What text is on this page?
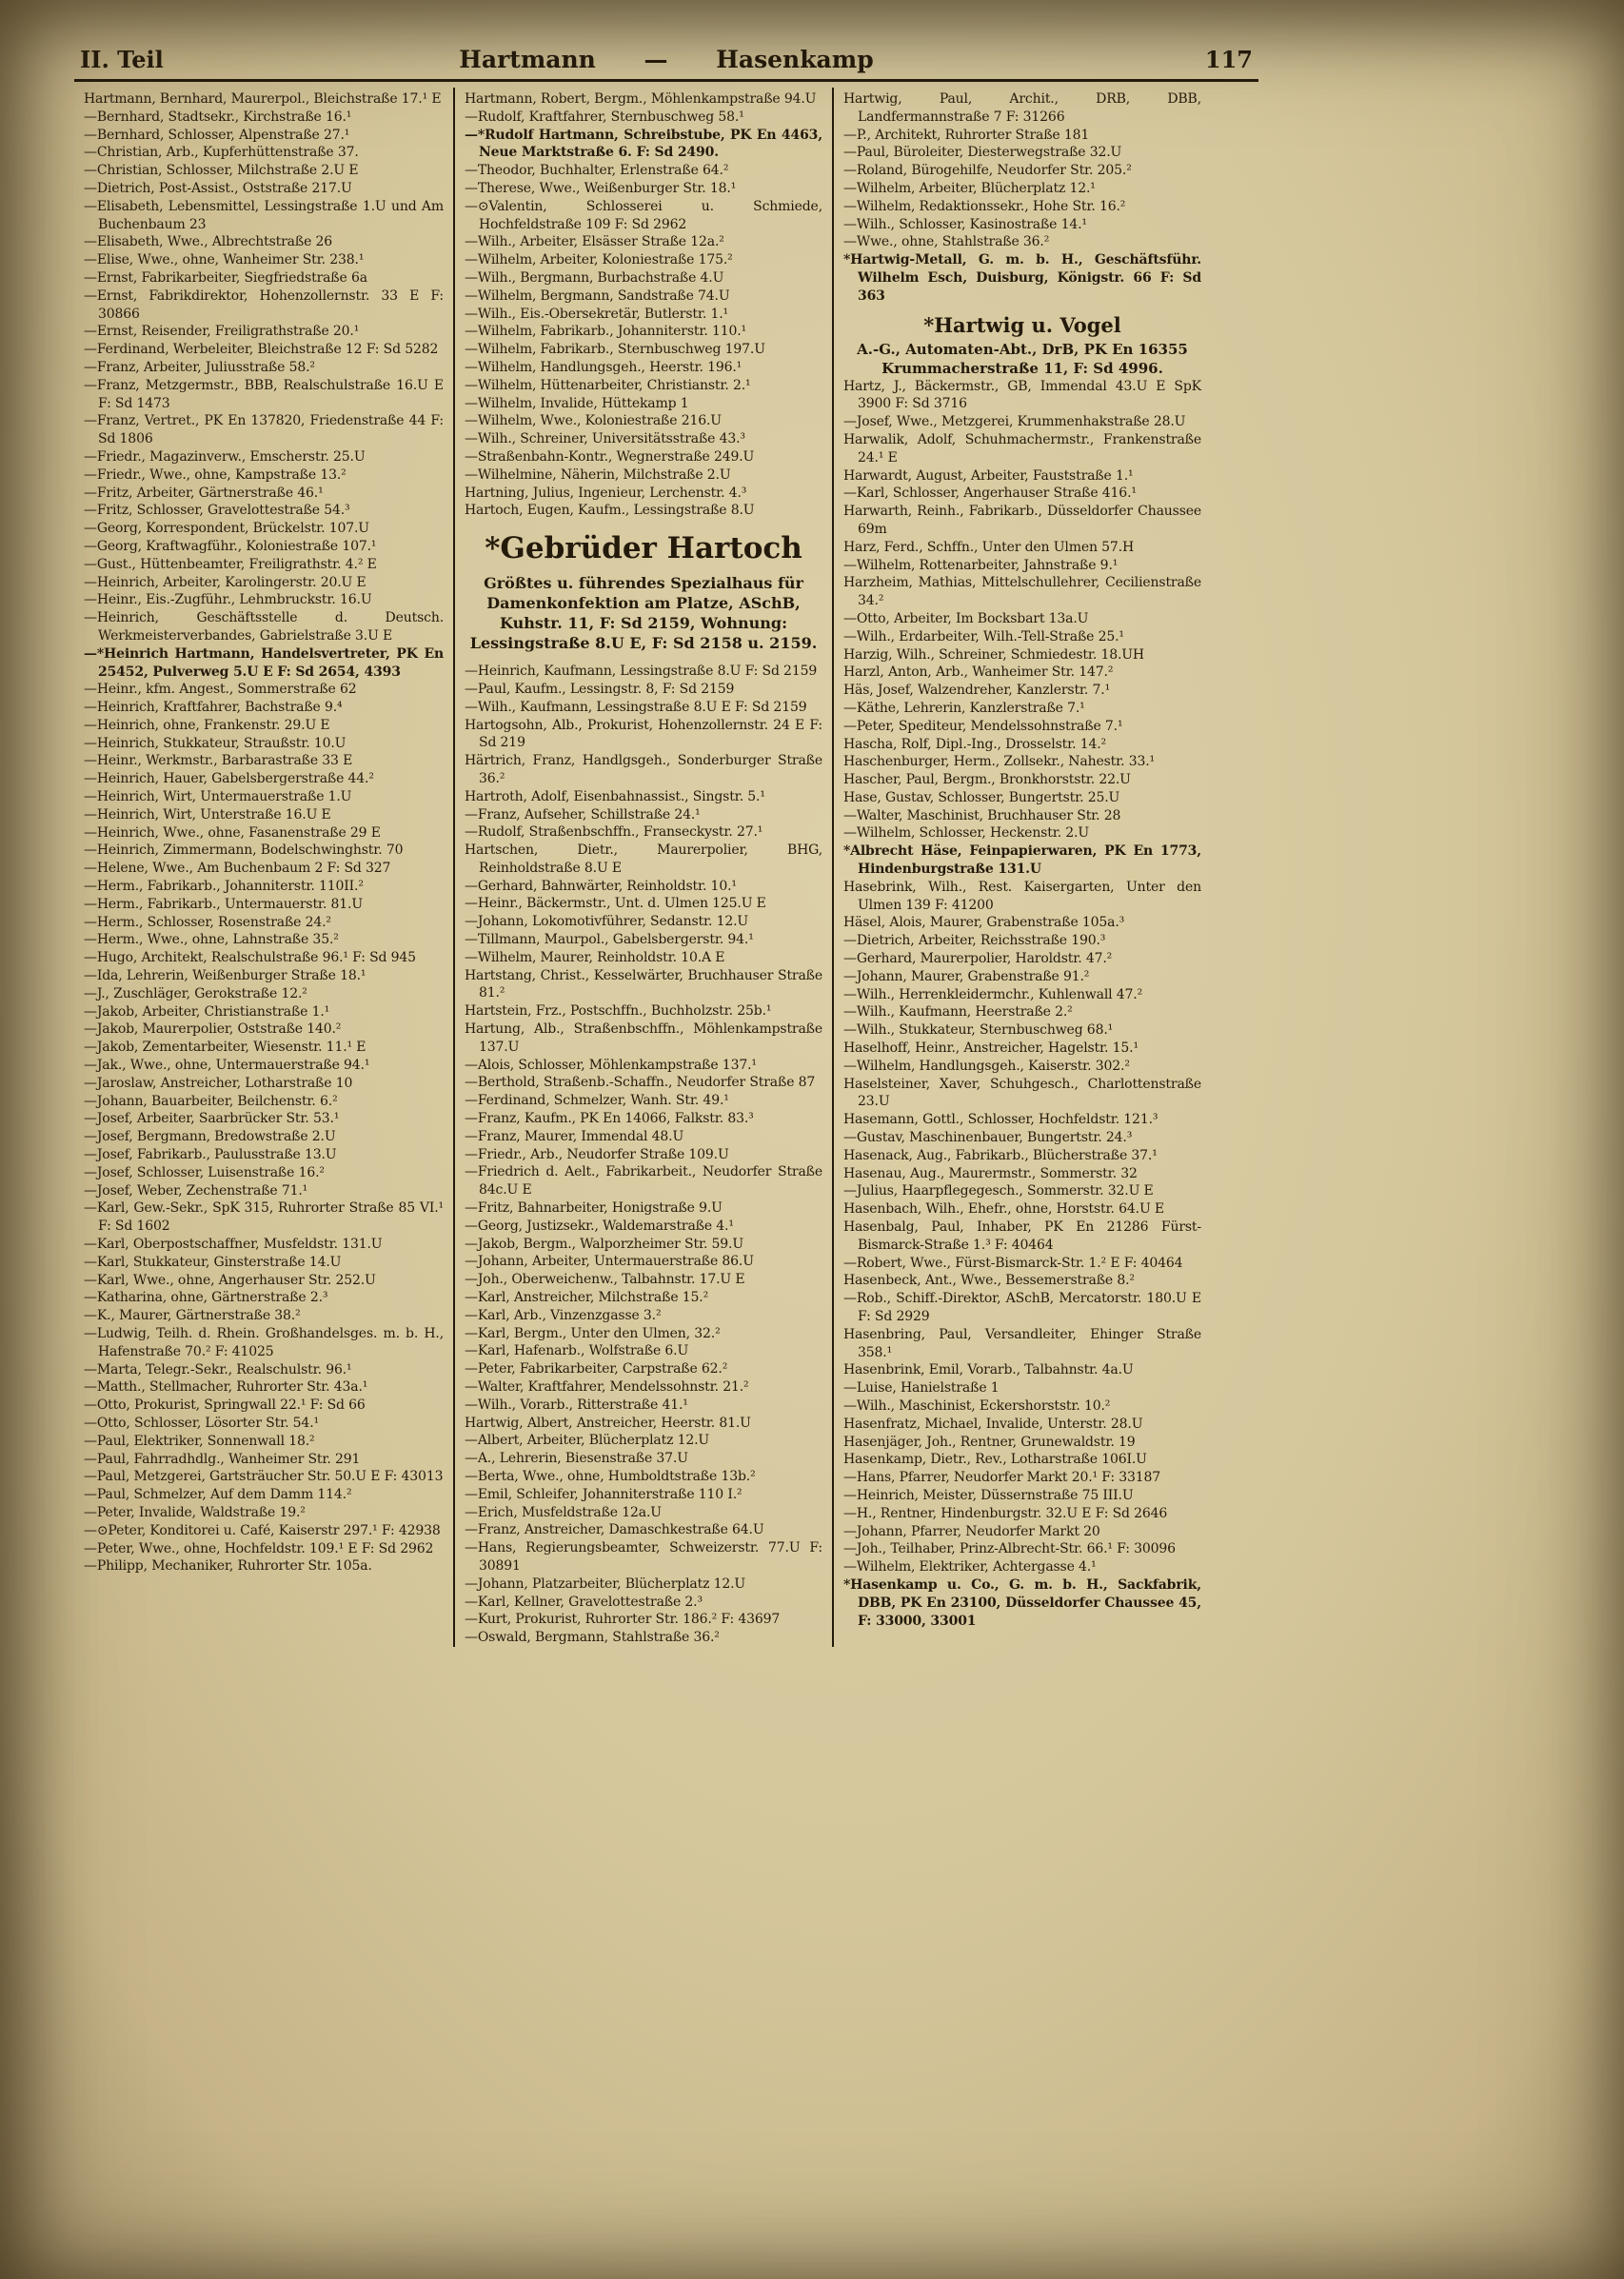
II. Teil	Hartmann — Hasenkamp	117
Hartmann, Bernhard, Maurerpol., Bleichstraße 17.¹ E
—Bernhard, Stadtsekr., Kirchstraße 16.¹
—Bernhard, Schlosser, Alpenstraße 27.¹
—Christian, Arb., Kupferhüttenstraße 37.
—Christian, Schlosser, Milchstraße 2.U E
—Dietrich, Post-Assist., Oststraße 217.U
—Elisabeth, Lebensmittel, Lessingstraße 1.U und Am Buchenbaum 23
—Elisabeth, Wwe., Albrechtstraße 26
—Elise, Wwe., ohne, Wanheimer Str. 238.¹
—Ernst, Fabrikarbeiter, Siegfriedstraße 6a
—Ernst, Fabrikdirektor, Hohenzollernstr. 33 E F: 30866
—Ernst, Reisender, Freiligrathstraße 20.¹
—Ferdinand, Werbeleiter, Bleichstraße 12 F: Sd 5282
—Franz, Arbeiter, Juliusstraße 58.²
—Franz, Metzgermstr., BBB, Realschulstraße 16.U E F: Sd 1473
—Franz, Vertret., PK En 137820, Friedenstraße 44 F: Sd 1806
—Friedr., Magazinverw., Emscherstr. 25.U
—Friedr., Wwe., ohne, Kampstraße 13.²
—Fritz, Arbeiter, Gärtnerstraße 46.¹
—Fritz, Schlosser, Gravelottestraße 54.³
—Georg, Korrespondent, Brückelstr. 107.U
—Georg, Kraftwagführ., Koloniestraße 107.¹
—Gust., Hüttenbeamter, Freiligrathstr. 4.² E
—Heinrich, Arbeiter, Karolingerstr. 20.U E
—Heinr., Eis.-Zugführ., Lehmbruckstr. 16.U
—Heinrich, Geschäftsstelle d. Deutsch. Werkmeisterverbandes, Gabrielstraße 3.U E
—*Heinrich Hartmann, Handelsvertreter, PK En 25452, Pulverweg 5.U E F: Sd 2654, 4393
—Heinr., kfm. Angest., Sommerstraße 62
—Heinrich, Kraftfahrer, Bachstraße 9.⁴
—Heinrich, ohne, Frankenstr. 29.U E
—Heinrich, Stukkateur, Straußstr. 10.U
—Heinr., Werkmstr., Barbarastraße 33 E
—Heinrich, Hauer, Gabelsbergerstraße 44.²
—Heinrich, Wirt, Untermauerstraße 1.U
—Heinrich, Wirt, Unterstraße 16.U E
—Heinrich, Wwe., ohne, Fasanenstraße 29 E
—Heinrich, Zimmermann, Bodelschwinghstr. 70
—Helene, Wwe., Am Buchenbaum 2 F: Sd 327
—Herm., Fabrikarb., Johanniterstr. 110II.²
—Herm., Fabrikarb., Untermauerstr. 81.U
—Herm., Schlosser, Rosenstraße 24.²
—Herm., Wwe., ohne, Lahnstraße 35.²
—Hugo, Architekt, Realschulstraße 96.¹ F: Sd 945
—Ida, Lehrerin, Weißenburger Straße 18.¹
—J., Zuschläger, Gerokstraße 12.²
—Jakob, Arbeiter, Christianstraße 1.¹
—Jakob, Maurerpolier, Oststraße 140.²
—Jakob, Zementarbeiter, Wiesenstr. 11.¹ E
—Jak., Wwe., ohne, Untermauerstraße 94.¹
—Jaroslaw, Anstreicher, Lotharstraße 10
—Johann, Bauarbeiter, Beilchenstr. 6.²
—Josef, Arbeiter, Saarbrücker Str. 53.¹
—Josef, Bergmann, Bredowstraße 2.U
—Josef, Fabrikarb., Paulusstraße 13.U
—Josef, Schlosser, Luisenstraße 16.²
—Josef, Weber, Zechenstraße 71.¹
—Karl, Gew.-Sekr., SpK 315, Ruhrorter Straße 85 VI.¹ F: Sd 1602
—Karl, Oberpostschaffner, Musfeldstr. 131.U
—Karl, Stukkateur, Ginsterstraße 14.U
—Karl, Wwe., ohne, Angerhauser Str. 252.U
—Katharina, ohne, Gärtnerstraße 2.³
—K., Maurer, Gärtnerstraße 38.²
—Ludwig, Teilh. d. Rhein. Großhandelsges. m. b. H., Hafenstraße 70.² F: 41025
—Marta, Telegr.-Sekr., Realschulstr. 96.¹
—Matth., Stellmacher, Ruhrorter Str. 43a.¹
—Otto, Prokurist, Springwall 22.¹ F: Sd 66
—Otto, Schlosser, Lösorter Str. 54.¹
—Paul, Elektriker, Sonnenwall 18.²
—Paul, Fahrradhdlg., Wanheimer Str. 291
—Paul, Metzgerei, Gartsträucher Str. 50.U E F: 43013
—Paul, Schmelzer, Auf dem Damm 114.²
—Peter, Invalide, Waldstraße 19.²
—⊙Peter, Konditorei u. Café, Kaiserstr 297.¹ F: 42938
—Peter, Wwe., ohne, Hochfeldstr. 109.¹ E F: Sd 2962
—Philipp, Mechaniker, Ruhrorter Str. 105a.
Hartmann, Robert, Bergm., Möhlenkampstraße 94.U
—Rudolf, Kraftfahrer, Sternbuschweg 58.¹
—*Rudolf Hartmann, Schreibstube, PK En 4463, Neue Marktstraße 6. F: Sd 2490.
—Theodor, Buchhalter, Erlenstraße 64.²
—Therese, Wwe., Weißenburger Str. 18.¹
—⊙Valentin, Schlosserei u. Schmiede, Hochfeldstraße 109 F: Sd 2962
—Wilh., Arbeiter, Elsässer Straße 12a.²
—Wilhelm, Arbeiter, Koloniestraße 175.²
—Wilh., Bergmann, Burbachstraße 4.U
—Wilhelm, Bergmann, Sandstraße 74.U
—Wilh., Eis.-Obersekretär, Butlerstr. 1.¹
—Wilhelm, Fabrikarb., Johanniterstr. 110.¹
—Wilhelm, Fabrikarb., Sternbuschweg 197.U
—Wilhelm, Handlungsgeh., Heerstr. 196.¹
—Wilhelm, Hüttenarbeiter, Christianstr. 2.¹
—Wilhelm, Invalide, Hüttekamp 1
—Wilhelm, Wwe., Koloniestraße 216.U
—Wilh., Schreiner, Universitätsstraße 43.³
—Straßenbahn-Kontr., Wegnerstraße 249.U
—Wilhelmine, Näherin, Milchstraße 2.U
Hartning, Julius, Ingenieur, Lerchenstr. 4.³
Hartoch, Eugen, Kaufm., Lessingstraße 8.U
*Gebrüder Hartoch
Größtes u. führendes Spezialhaus für Damenkonfektion am Platze, ASchB, Kuhstr. 11, F: Sd 2159, Wohnung: Lessingstraße 8.U E, F: Sd 2158 u. 2159.
—Heinrich, Kaufmann, Lessingstraße 8.U F: Sd 2159
—Paul, Kaufm., Lessingstr. 8, F: Sd 2159
—Wilh., Kaufmann, Lessingstraße 8.U E F: Sd 2159
Hartogsohn, Alb., Prokurist, Hohenzollernstr. 24 E F: Sd 219
Härtrich, Franz, Handlgsgeh., Sonderburger Straße 36.²
Hartroth, Adolf, Eisenbahnassist., Singstr. 5.¹
—Franz, Aufseher, Schillstraße 24.¹
—Rudolf, Straßenbschffn., Franseckystr. 27.¹
Hartschen, Dietr., Maurerpolier, BHG, Reinholdstraße 8.U E
—Gerhard, Bahnwärter, Reinholdstr. 10.¹
—Heinr., Bäckermstr., Unt. d. Ulmen 125.U E
—Johann, Lokomotivführer, Sedanstr. 12.U
—Tillmann, Maurpol., Gabelsbergerstr. 94.¹
—Wilhelm, Maurer, Reinholdstr. 10.A E
Hartstang, Christ., Kesselwärter, Bruchhauser Straße 81.²
Hartstein, Frz., Postschffn., Buchholzstr. 25b.¹
Hartung, Alb., Straßenbschffn., Möhlenkampstraße 137.U
—Alois, Schlosser, Möhlenkampstraße 137.¹
—Berthold, Straßenb.-Schaffn., Neudorfer Straße 87
—Ferdinand, Schmelzer, Wanh. Str. 49.¹
—Franz, Kaufm., PK En 14066, Falkstr. 83.³
—Franz, Maurer, Immendal 48.U
—Friedr., Arb., Neudorfer Straße 109.U
—Friedrich d. Aelt., Fabrikarbeit., Neudorfer Straße 84c.U E
—Fritz, Bahnarbeiter, Honigstraße 9.U
—Georg, Justizsekr., Waldemarstraße 4.¹
—Jakob, Bergm., Walporzheimer Str. 59.U
—Johann, Arbeiter, Untermauerstraße 86.U
—Joh., Oberweichenw., Talbahnstr. 17.U E
—Karl, Anstreicher, Milchstraße 15.²
—Karl, Arb., Vinzenzgasse 3.²
—Karl, Bergm., Unter den Ulmen, 32.²
—Karl, Hafenarb., Wolfstraße 6.U
—Peter, Fabrikarbeiter, Carpstraße 62.²
—Walter, Kraftfahrer, Mendelssohnstr. 21.²
—Wilh., Vorarb., Ritterstraße 41.¹
Hartwig, Albert, Anstreicher, Heerstr. 81.U
—Albert, Arbeiter, Blücherplatz 12.U
—A., Lehrerin, Biesenstraße 37.U
—Berta, Wwe., ohne, Humboldtstraße 13b.²
—Emil, Schleifer, Johanniterstraße 110 I.²
—Erich, Musfeldstraße 12a.U
—Franz, Anstreicher, Damaschkestraße 64.U
—Hans, Regierungsbeamter, Schweizerstr. 77.U F: 30891
—Johann, Platzarbeiter, Blücherplatz 12.U
—Karl, Kellner, Gravelottestraße 2.³
—Kurt, Prokurist, Ruhrorter Str. 186.² F: 43697
—Oswald, Bergmann, Stahlstraße 36.²
Hartwig, Paul, Archit., DRB, DBB, Landfermannstraße 7 F: 31266
—P., Architekt, Ruhrorter Straße 181
—Paul, Büroleiter, Diesterwegstraße 32.U
—Roland, Bürogehilfe, Neudorfer Str. 205.²
—Wilhelm, Arbeiter, Blücherplatz 12.¹
—Wilhelm, Redaktionssekr., Hohe Str. 16.²
—Wilh., Schlosser, Kasinostraße 14.¹
—Wwe., ohne, Stahlstraße 36.²
*Hartwig-Metall, G. m. b. H., Geschäftsführ. Wilhelm Esch, Duisburg, Königstr. 66 F: Sd 363
*Hartwig u. Vogel
A.-G., Automaten-Abt., DrB, PK En 16355
Krummacherstraße 11, F: Sd 4996.
Hartz, J., Bäckermstr., GB, Immendal 43.U E SpK 3900 F: Sd 3716
—Josef, Wwe., Metzgerei, Krummenhakstraße 28.U
Harwalik, Adolf, Schuhmachermstr., Frankenstraße 24.¹ E
Harwardt, August, Arbeiter, Fauststraße 1.¹
—Karl, Schlosser, Angerhauser Straße 416.¹
Harwarth, Reinh., Fabrikarb., Düsseldorfer Chaussee 69m
Harz, Ferd., Schffn., Unter den Ulmen 57.H
—Wilhelm, Rottenarbeiter, Jahnstraße 9.¹
Harzheim, Mathias, Mittelschullehrer, Cecilienstraße 34.²
—Otto, Arbeiter, Im Bocksbart 13a.U
—Wilh., Erdarbeiter, Wilh.-Tell-Straße 25.¹
Harzig, Wilh., Schreiner, Schmiedestr. 18.UH
Harzl, Anton, Arb., Wanheimer Str. 147.²
Häs, Josef, Walzendreher, Kanzlerstr. 7.¹
—Käthe, Lehrerin, Kanzlerstraße 7.¹
—Peter, Spediteur, Mendelssohnstraße 7.¹
Hascha, Rolf, Dipl.-Ing., Drosselstr. 14.²
Haschenburger, Herm., Zollsekr., Nahestr. 33.¹
Hascher, Paul, Bergm., Bronkhorststr. 22.U
Hase, Gustav, Schlosser, Bungertstr. 25.U
—Walter, Maschinist, Bruchhauser Str. 28
—Wilhelm, Schlosser, Heckenstr. 2.U
*Albrecht Häse, Feinpapierwaren, PK En 1773, Hindenburgstraße 131.U
Hasebrink, Wilh., Rest. Kaisergarten, Unter den Ulmen 139 F: 41200
Häsel, Alois, Maurer, Grabenstraße 105a.³
—Dietrich, Arbeiter, Reichsstraße 190.³
—Gerhard, Maurerpolier, Haroldstr. 47.²
—Johann, Maurer, Grabenstraße 91.²
—Wilh., Herrenkleidermchr., Kuhlenwall 47.²
—Wilh., Kaufmann, Heerstraße 2.²
—Wilh., Stukkateur, Sternbuschweg 68.¹
Haselhoff, Heinr., Anstreicher, Hagelstr. 15.¹
—Wilhelm, Handlungsgeh., Kaiserstr. 302.²
Haselsteiner, Xaver, Schuhgesch., Charlottenstraße 23.U
Hasemann, Gottl., Schlosser, Hochfeldstr. 121.³
—Gustav, Maschinenbauer, Bungertstr. 24.³
Hasenack, Aug., Fabrikarb., Blücherstraße 37.¹
Hasenau, Aug., Maurermstr., Sommerstr. 32
—Julius, Haarpflegegesch., Sommerstr. 32.U E
Hasenbach, Wilh., Ehefr., ohne, Horststr. 64.U E
Hasenbalg, Paul, Inhaber, PK En 21286 Fürst-Bismarck-Straße 1.³ F: 40464
—Robert, Wwe., Fürst-Bismarck-Str. 1.² E F: 40464
Hasenbeck, Ant., Wwe., Bessemerstraße 8.²
—Rob., Schiff.-Direktor, ASchB, Mercatorstr. 180.U E F: Sd 2929
Hasenbring, Paul, Versandleiter, Ehinger Straße 358.¹
Hasenbrink, Emil, Vorarb., Talbahnstr. 4a.U
—Luise, Hanielstraße 1
—Wilh., Maschinist, Eckershorststr. 10.²
Hasenfratz, Michael, Invalide, Unterstr. 28.U
Hasenjäger, Joh., Rentner, Grunewaldstr. 19
Hasenkamp, Dietr., Rev., Lotharstraße 106I.U
—Hans, Pfarrer, Neudorfer Markt 20.¹ F: 33187
—Heinrich, Meister, Düssernstraße 75 III.U
—H., Rentner, Hindenburgstr. 32.U E F: Sd 2646
—Johann, Pfarrer, Neudorfer Markt 20
—Joh., Teilhaber, Prinz-Albrecht-Str. 66.¹ F: 30096
—Wilhelm, Elektriker, Achtergasse 4.¹
*Hasenkamp u. Co., G. m. b. H., Sackfabrik, DBB, PK En 23100, Düsseldorfer Chaussee 45, F: 33000, 33001
